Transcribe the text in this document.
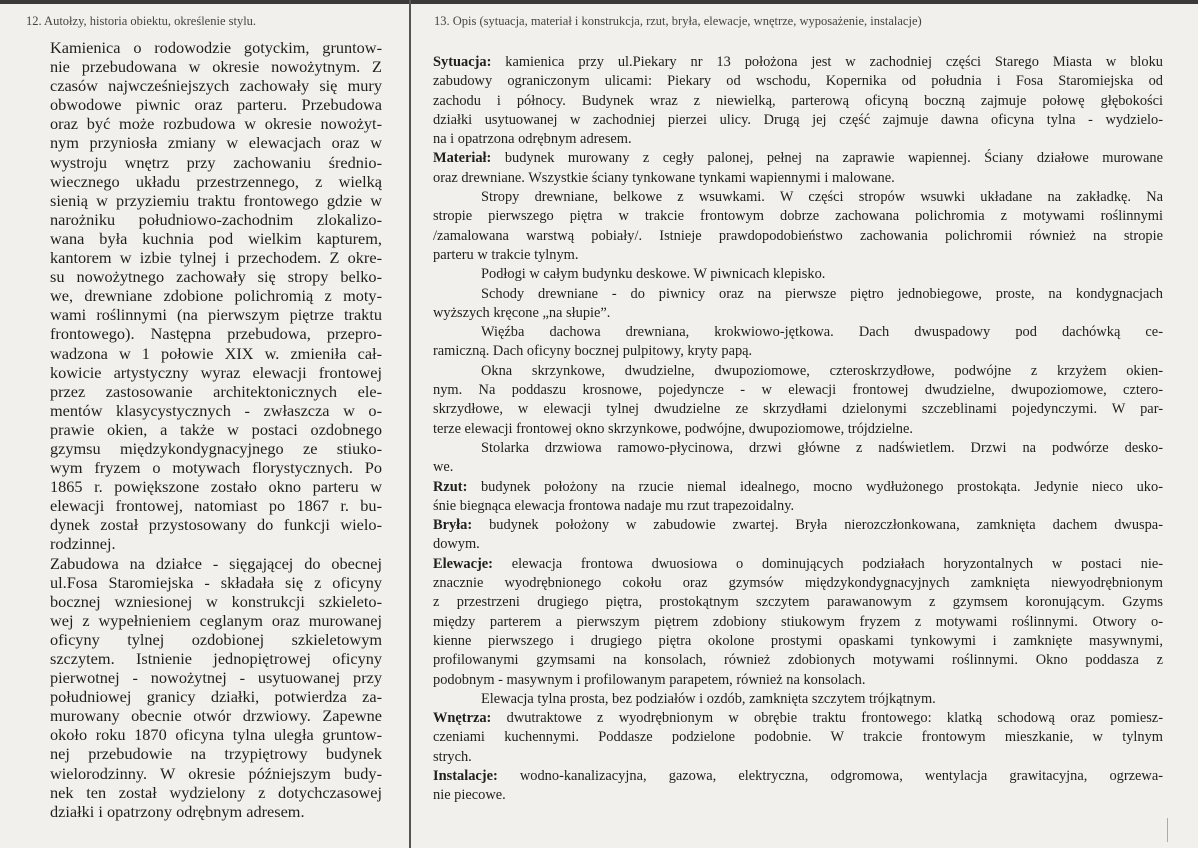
12. Autołzy, historia obiektu, określenie stylu.	13. Opis (sytuacja, materiał i konstrukcja, rzut, bryła, elewacje, wnętrze, wyposażenie, instalacje)
Kamienica o rodowodzie gotyckim, gruntow-
nie przebudowana w okresie nowożytnym. Z
czasów najwcześniejszych zachowały się mury
obwodowe piwnic oraz parteru. Przebudowa
oraz być może rozbudowa w okresie nowożyt-
nym przyniosła zmiany w elewacjach oraz w
wystroju wnętrz przy zachowaniu średnio-
wiecznego układu przestrzennego, z wielką
sienią w przyziemiu traktu frontowego gdzie w
narożniku południowo-zachodnim zlokalizo-
wana była kuchnia pod wielkim kapturem,
kantorem w izbie tylnej i przechodem. Z okre-
su nowożytnego zachowały się stropy belko-
we, drewniane zdobione polichromią z moty-
wami roślinnymi (na pierwszym piętrze traktu
frontowego). Następna przebudowa, przepro-
wadzona w 1 połowie XIX w. zmieniła cał-
kowicie artystyczny wyraz elewacji frontowej
przez zastosowanie architektonicznych ele-
mentów klasycystycznych - zwłaszcza w o-
prawie okien, a także w postaci ozdobnego
gzymsu międzykondygnacyjnego ze stiuko-
wym fryzem o motywach florystycznych. Po
1865 r. powiększone zostało okno parteru w
elewacji frontowej, natomiast po 1867 r. bu-
dynek został przystosowany do funkcji wielo-
rodzinnej.
Zabudowa na działce - sięgającej do obecnej
ul.Fosa Staromiejska - składała się z oficyny
bocznej wzniesionej w konstrukcji szkieleto-
wej z wypełnieniem ceglanym oraz murowanej
oficyny tylnej ozdobionej szkieletowym
szczytem. Istnienie jednopiętrowej oficyny
pierwotnej - nowożytnej - usytuowanej przy
południowej granicy działki, potwierdza za-
murowany obecnie otwór drzwiowy. Zapewne
około roku 1870 oficyna tylna uległa gruntow-
nej przebudowie na trzypiętrowy budynek
wielorodzinny. W okresie późniejszym budy-
nek ten został wydzielony z dotychczasowej
działki i opatrzony odrębnym adresem.
Sytuacja: kamienica przy ul.Piekary nr 13 położona jest w zachodniej części Starego Miasta w bloku
zabudowy ograniczonym ulicami: Piekary od wschodu, Kopernika od południa i Fosa Staromiejska od
zachodu i północy. Budynek wraz z niewielką, parterową oficyną boczną zajmuje połowę głębokości
działki usytuowanej w zachodniej pierzei ulicy. Drugą jej część zajmuje dawna oficyna tylna - wydzielo-
na i opatrzona odrębnym adresem.
Materiał: budynek murowany z cegły palonej, pełnej na zaprawie wapiennej. Ściany działowe murowane
oraz drewniane. Wszystkie ściany tynkowane tynkami wapiennymi i malowane.
Stropy drewniane, belkowe z wsuwkami. W części stropów wsuwki układane na zakładkę. Na
stropie pierwszego piętra w trakcie frontowym dobrze zachowana polichromia z motywami roślinnymi
/zamalowana warstwą pobiały/. Istnieje prawdopodobieństwo zachowania polichromii również na stropie
parteru w trakcie tylnym.
Podłogi w całym budynku deskowe. W piwnicach klepisko.
Schody drewniane - do piwnicy oraz na pierwsze piętro jednobiegowe, proste, na kondygnacjach
wyższych kręcone „na słupie”.
Więźba dachowa drewniana, krokwiowo-jętkowa. Dach dwuspadowy pod dachówką ce-
ramiczną. Dach oficyny bocznej pulpitowy, kryty papą.
Okna skrzynkowe, dwudzielne, dwupoziomowe, czteroskrzydłowe, podwójne z krzyżem okien-
nym. Na poddaszu krosnowe, pojedyncze - w elewacji frontowej dwudzielne, dwupoziomowe, cztero-
skrzydłowe, w elewacji tylnej dwudzielne ze skrzydłami dzielonymi szczeblinami pojedynczymi. W par-
terze elewacji frontowej okno skrzynkowe, podwójne, dwupoziomowe, trójdzielne.
Stolarka drzwiowa ramowo-płycinowa, drzwi główne z nadświetlem. Drzwi na podwórze desko-
we.
Rzut: budynek położony na rzucie niemal idealnego, mocno wydłużonego prostokąta. Jedynie nieco uko-
śnie biegnąca elewacja frontowa nadaje mu rzut trapezoidalny.
Bryła: budynek położony w zabudowie zwartej. Bryła nierozczłonkowana, zamknięta dachem dwuspa-
dowym.
Elewacje: elewacja frontowa dwuosiowa o dominujących podziałach horyzontalnych w postaci nie-
znacznie wyodrębnionego cokołu oraz gzymsów międzykondygnacyjnych zamknięta niewyodrębnionym
z przestrzeni drugiego piętra, prostokątnym szczytem parawanowym z gzymsem koronującym. Gzyms
między parterem a pierwszym piętrem zdobiony stiukowym fryzem z motywami roślinnymi. Otwory o-
kienne pierwszego i drugiego piętra okolone prostymi opaskami tynkowymi i zamknięte masywnymi,
profilowanymi gzymsami na konsolach, również zdobionych motywami roślinnymi. Okno poddasza z
podobnym - masywnym i profilowanym parapetem, również na konsolach.
Elewacja tylna prosta, bez podziałów i ozdób, zamknięta szczytem trójkątnym.
Wnętrza: dwutraktowe z wyodrębnionym w obrębie traktu frontowego: klatką schodową oraz pomiesz-
czeniami kuchennymi. Poddasze podzielone podobnie. W trakcie frontowym mieszkanie, w tylnym
strych.
Instalacje: wodno-kanalizacyjna, gazowa, elektryczna, odgromowa, wentylacja grawitacyjna, ogrzewa-
nie piecowe.
